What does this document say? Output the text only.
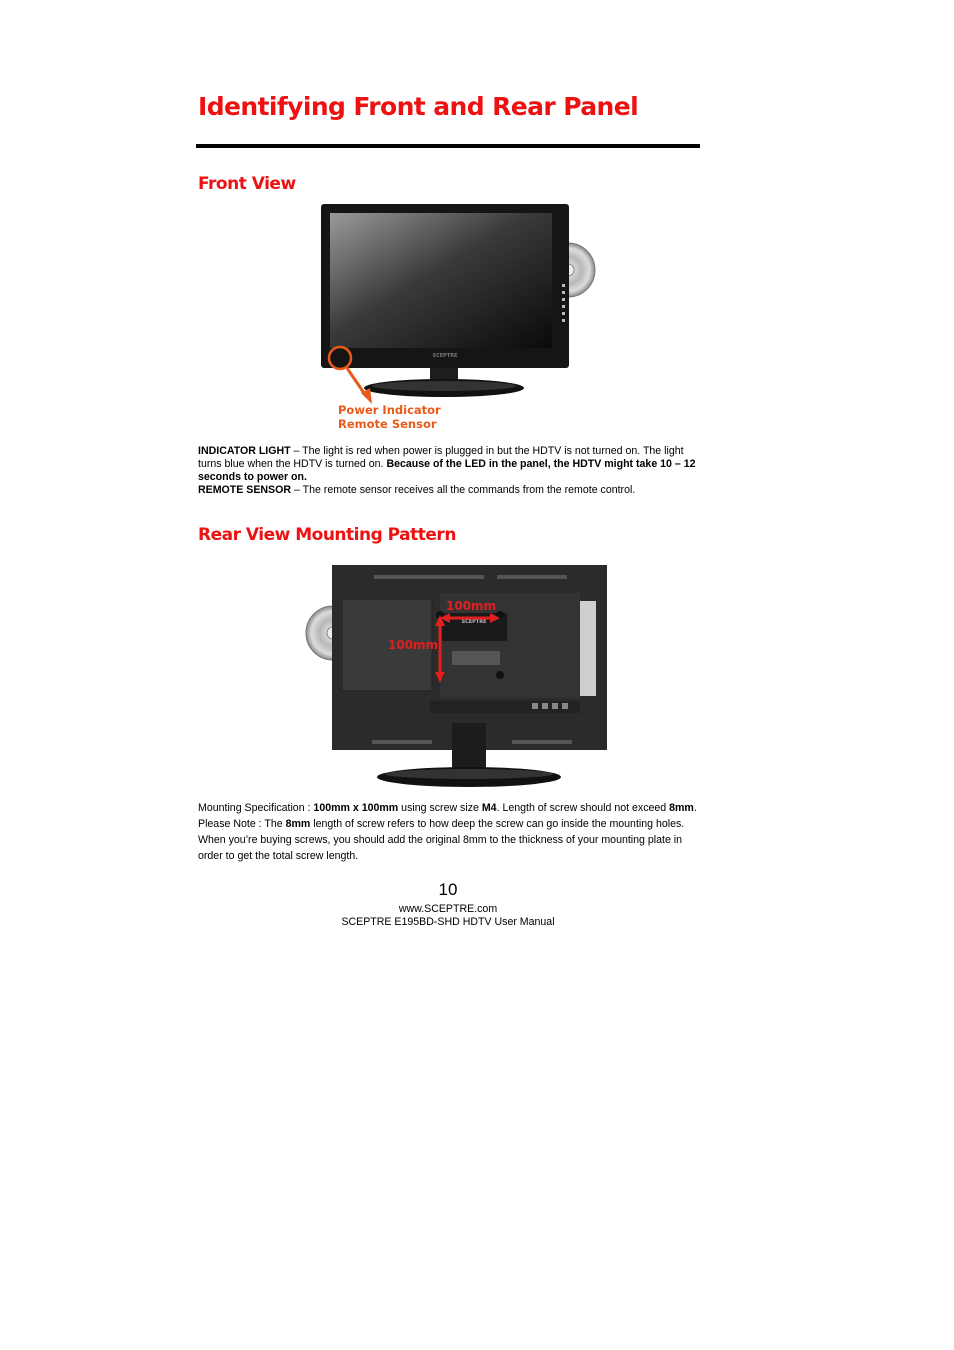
Identifying Front and Rear Panel
Front View
SCEPTRE
Power Indicator
Remote Sensor
INDICATOR LIGHT – The light is red when power is plugged in but the HDTV is not turned on. The light turns blue when the HDTV is turned on. Because of the LED in the panel, the HDTV might take 10 – 12 seconds to power on.
REMOTE SENSOR – The remote sensor receives all the commands from the remote control.
Rear View Mounting Pattern
SCEPTRE
100mm
100mm
Mounting Specification : 100mm x 100mm using screw size M4. Length of screw should not exceed 8mm. Please Note : The 8mm length of screw refers to how deep the screw can go inside the mounting holes. When you’re buying screws, you should add the original 8mm to the thickness of your mounting plate in order to get the total screw length.
10
www.SCEPTRE.com
SCEPTRE E195BD-SHD HDTV User Manual
